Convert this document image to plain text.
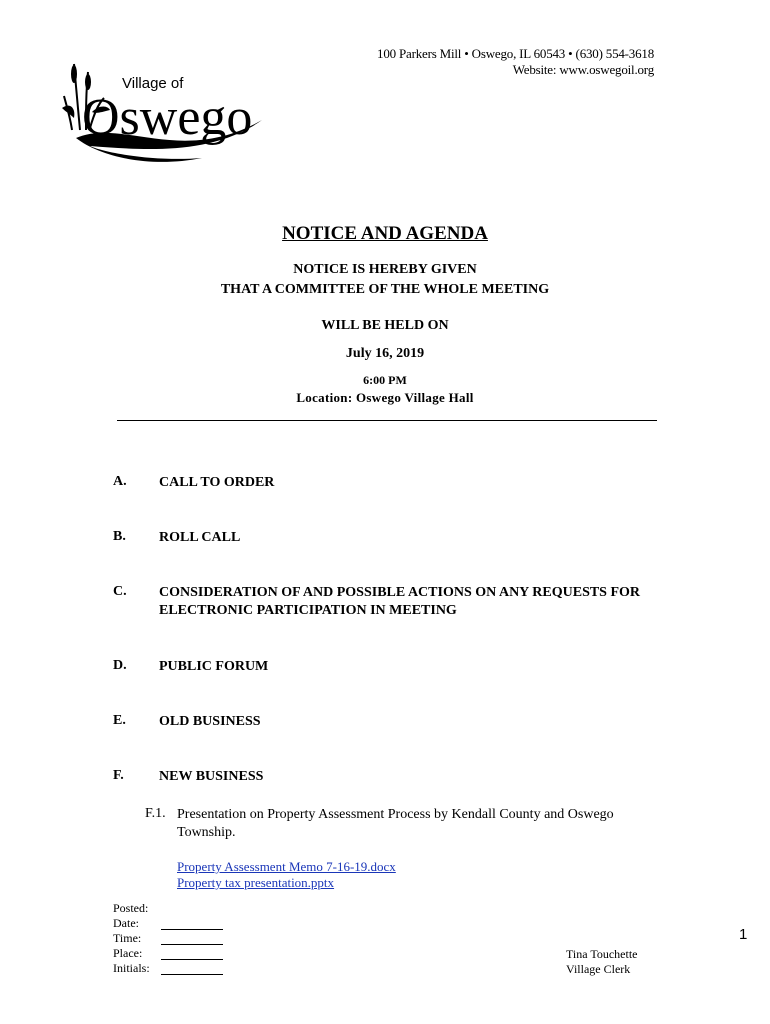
100 Parkers Mill • Oswego, IL 60543 • (630) 554-3618
Website: www.oswegoil.org
Village of
Oswego
NOTICE AND AGENDA
NOTICE IS HEREBY GIVEN
THAT A COMMITTEE OF THE WHOLE MEETING
WILL BE HELD ON
July 16, 2019
6:00 PM
Location: Oswego Village Hall
A. CALL TO ORDER
B. ROLL CALL
C. CONSIDERATION OF AND POSSIBLE ACTIONS ON ANY REQUESTS FOR ELECTRONIC PARTICIPATION IN MEETING
D. PUBLIC FORUM
E. OLD BUSINESS
F.	NEW BUSINESS
F.1. Presentation on Property Assessment Process by Kendall County and Oswego Township.
Property Assessment Memo 7-16-19.docx
Property tax presentation.pptx
Posted:
Date:
Time:
Place:
Initials:
Tina Touchette
Village Clerk
1
